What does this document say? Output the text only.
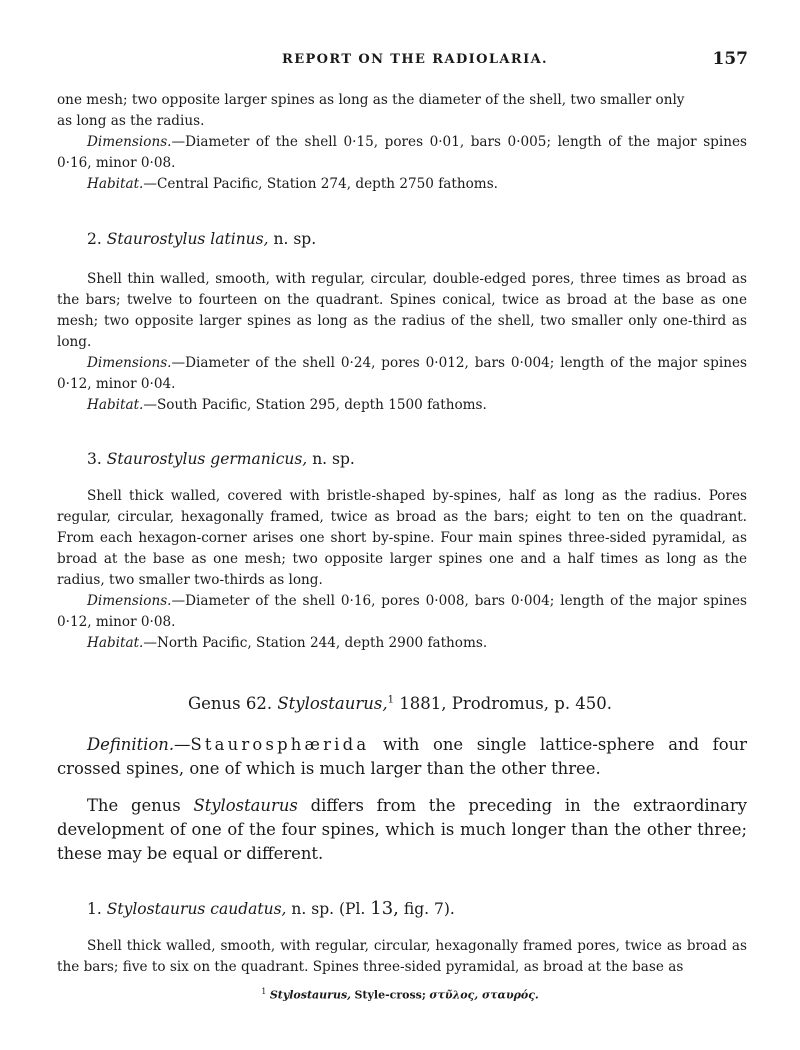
REPORT ON THE RADIOLARIA.	157

one mesh; two opposite larger spines as long as the diameter of the shell, two smaller only

as long as the radius.

Dimensions.—Diameter of the shell 0·15, pores 0·01, bars 0·005; length of the major spines 0·16, minor 0·08.

Habitat.—Central Pacific, Station 274, depth 2750 fathoms.

2. Staurostylus latinus, n. sp.

Shell thin walled, smooth, with regular, circular, double-edged pores, three times as broad as the bars; twelve to fourteen on the quadrant. Spines conical, twice as broad at the base as one mesh; two opposite larger spines as long as the radius of the shell, two smaller only one-third as long.

Dimensions.—Diameter of the shell 0·24, pores 0·012, bars 0·004; length of the major spines 0·12, minor 0·04.

Habitat.—South Pacific, Station 295, depth 1500 fathoms.

3. Staurostylus germanicus, n. sp.

Shell thick walled, covered with bristle-shaped by-spines, half as long as the radius. Pores regular, circular, hexagonally framed, twice as broad as the bars; eight to ten on the quadrant. From each hexagon-corner arises one short by-spine. Four main spines three-sided pyramidal, as broad at the base as one mesh; two opposite larger spines one and a half times as long as the radius, two smaller two-thirds as long.

Dimensions.—Diameter of the shell 0·16, pores 0·008, bars 0·004; length of the major spines 0·12, minor 0·08.

Habitat.—North Pacific, Station 244, depth 2900 fathoms.

Genus 62. Stylostaurus,$^1$ 1881, Prodromus, p. 450.

Definition.—Staurosphærida with one single lattice-sphere and four crossed spines, one of which is much larger than the other three.

The genus Stylostaurus differs from the preceding in the extraordinary development of one of the four spines, which is much longer than the other three; these may be equal or different.

1. Stylostaurus caudatus, n. sp. (Pl. 13, fig. 7).

Shell thick walled, smooth, with regular, circular, hexagonally framed pores, twice as broad as the bars; five to six on the quadrant. Spines three-sided pyramidal, as broad at the base as

$^1$ Stylostaurus, Style-cross; στῦλος, σταυρός.
